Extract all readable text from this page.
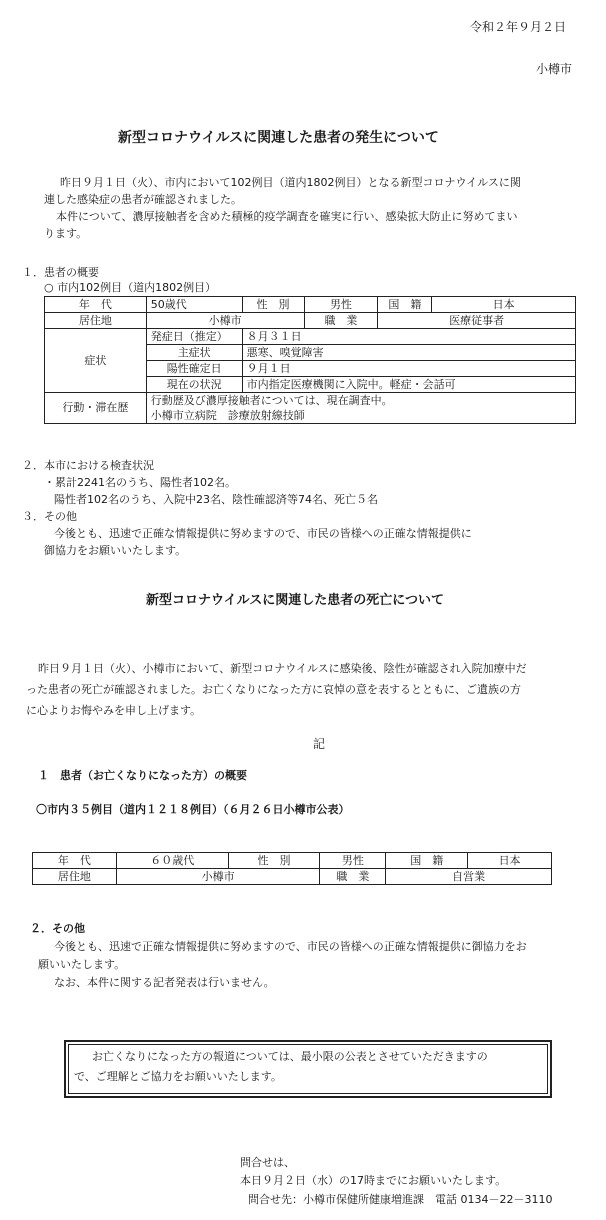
令和２年９月２日
小樽市
新型コロナウイルスに関連した患者の発生について
昨日９月１日（火）、市内において102例目（道内1802例目）となる新型コロナウイルスに関
連した感染症の患者が確認されました。
本件について、濃厚接触者を含めた積極的疫学調査を確実に行い、感染拡大防止に努めてまい
ります。
１．患者の概要
○ 市内102例目（道内1802例目）
年　代	50歳代	性　別	男性	国　籍	日本
居住地	小樽市		職　業	医療従事者	
症状	発症日（推定）	８月３１日			
	主症状	悪寒、嗅覚障害			
	陽性確定日	９月１日			
	現在の状況	市内指定医療機関に入院中。軽症・会話可			
行動・滞在歴	行動歴及び濃厚接触者については、現在調査中。				
	小樽市立病院　診療放射線技師				
２．本市における検査状況
・累計2241名のうち、陽性者102名。
陽性者102名のうち、入院中23名、陰性確認済等74名、死亡５名
３．その他
今後とも、迅速で正確な情報提供に努めますので、市民の皆様への正確な情報提供に
御協力をお願いいたします。
新型コロナウイルスに関連した患者の死亡について
昨日９月１日（火）、小樽市において、新型コロナウイルスに感染後、陰性が確認され入院加療中だ
った患者の死亡が確認されました。お亡くなりになった方に哀悼の意を表するとともに、ご遺族の方
に心よりお悔やみを申し上げます。
記
１　患者（お亡くなりになった方）の概要
〇市内３５例目（道内１２１８例目）（６月２６日小樽市公表）
年　代	６０歳代	性　別	男性	国　籍	日本
居住地	小樽市		職　業	自営業	
２．その他
今後とも、迅速で正確な情報提供に努めますので、市民の皆様への正確な情報提供に御協力をお
願いいたします。
なお、本件に関する記者発表は行いません。
お亡くなりになった方の報道については、最小限の公表とさせていただきますの
で、ご理解とご協力をお願いいたします。
問合せは、
本日９月２日（水）の17時までにお願いいたします。
問合せ先：小樽市保健所健康増進課　電話 0134－22－3110
